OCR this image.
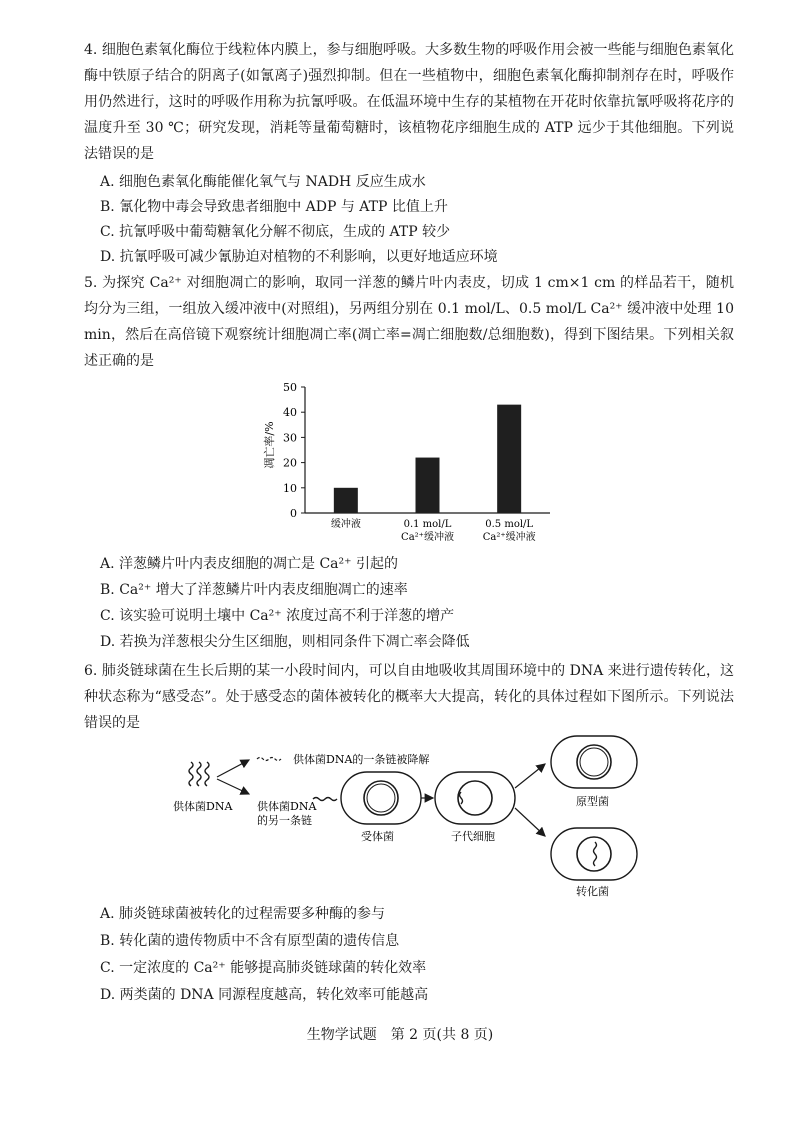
4. 细胞色素氧化酶位于线粒体内膜上，参与细胞呼吸。大多数生物的呼吸作用会被一些能与细胞色素氧化酶中铁原子结合的阴离子(如氰离子)强烈抑制。但在一些植物中，细胞色素氧化酶抑制剂存在时，呼吸作用仍然进行，这时的呼吸作用称为抗氰呼吸。在低温环境中生存的某植物在开花时依靠抗氰呼吸将花序的温度升至 30 ℃；研究发现，消耗等量葡萄糖时，该植物花序细胞生成的 ATP 远少于其他细胞。下列说法错误的是
A. 细胞色素氧化酶能催化氧气与 NADH 反应生成水
B. 氰化物中毒会导致患者细胞中 ADP 与 ATP 比值上升
C. 抗氰呼吸中葡萄糖氧化分解不彻底，生成的 ATP 较少
D. 抗氰呼吸可减少氰胁迫对植物的不利影响，以更好地适应环境
5. 为探究 Ca²⁺ 对细胞凋亡的影响，取同一洋葱的鳞片叶内表皮，切成 1 cm×1 cm 的样品若干，随机均分为三组，一组放入缓冲液中(对照组)，另两组分别在 0.1 mol/L、0.5 mol/L Ca²⁺ 缓冲液中处理 10 min，然后在高倍镜下观察统计细胞凋亡率(凋亡率=凋亡细胞数/总细胞数)，得到下图结果。下列相关叙述正确的是
凋亡率/%
0
10
20
30
40
50
缓冲液	0.1 mol/L
Ca²⁺缓冲液
0.5 mol/L
Ca²⁺缓冲液
A. 洋葱鳞片叶内表皮细胞的凋亡是 Ca²⁺ 引起的
B. Ca²⁺ 增大了洋葱鳞片叶内表皮细胞凋亡的速率
C. 该实验可说明土壤中 Ca²⁺ 浓度过高不利于洋葱的增产
D. 若换为洋葱根尖分生区细胞，则相同条件下凋亡率会降低
6. 肺炎链球菌在生长后期的某一小段时间内，可以自由地吸收其周围环境中的 DNA 来进行遗传转化，这种状态称为“感受态”。处于感受态的菌体被转化的概率大大提高，转化的具体过程如下图所示。下列说法错误的是
供体菌DNA
供体菌DNA的一条链被降解
供体菌DNA
的另一条链
受体菌	子代细胞
原型菌
转化菌
A. 肺炎链球菌被转化的过程需要多种酶的参与
B. 转化菌的遗传物质中不含有原型菌的遗传信息
C. 一定浓度的 Ca²⁺ 能够提高肺炎链球菌的转化效率
D. 两类菌的 DNA 同源程度越高，转化效率可能越高
生物学试题　第 2 页(共 8 页)
